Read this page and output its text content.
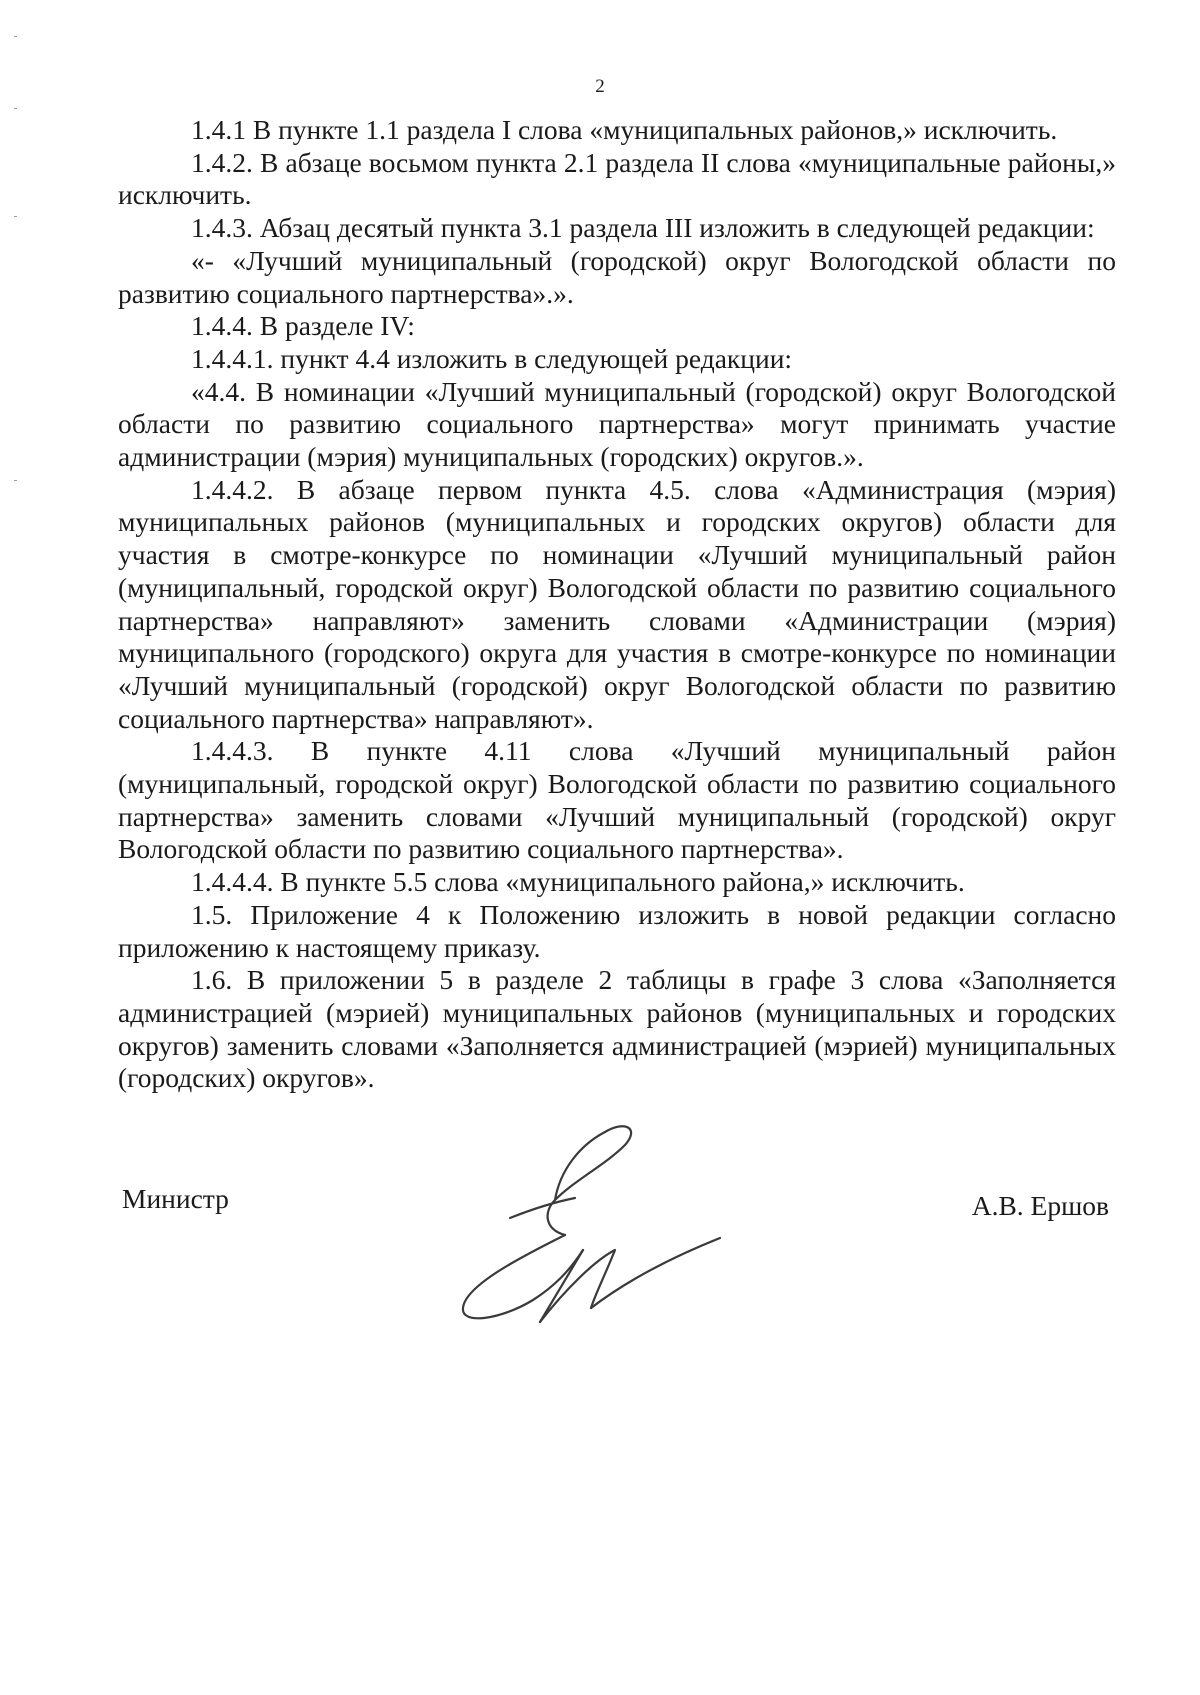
2

1.4.1 В пункте 1.1 раздела I слова «муниципальных районов,» исключить.

1.4.2. В абзаце восьмом пункта 2.1 раздела II слова «муниципальные районы,» исключить.

1.4.3. Абзац десятый пункта 3.1 раздела III изложить в следующей редакции:

«- «Лучший муниципальный (городской) округ Вологодской области по развитию социального партнерства».».

1.4.4. В разделе IV:

1.4.4.1. пункт 4.4 изложить в следующей редакции:

«4.4. В номинации «Лучший муниципальный (городской) округ Вологодской области по развитию социального партнерства» могут принимать участие администрации (мэрия) муниципальных (городских) округов.».

1.4.4.2. В абзаце первом пункта 4.5. слова «Администрация (мэрия) муниципальных районов (муниципальных и городских округов) области для участия в смотре-конкурсе по номинации «Лучший муниципальный район (муниципальный, городской округ) Вологодской области по развитию социального партнерства» направляют» заменить словами «Администрации (мэрия) муниципального (городского) округа для участия в смотре-конкурсе по номинации «Лучший муниципальный (городской) округ Вологодской области по развитию социального партнерства» направляют».

1.4.4.3. В пункте 4.11 слова «Лучший муниципальный район (муниципальный, городской округ) Вологодской области по развитию социального партнерства» заменить словами «Лучший муниципальный (городской) округ Вологодской области по развитию социального партнерства».

1.4.4.4. В пункте 5.5 слова «муниципального района,» исключить.

1.5. Приложение 4 к Положению изложить в новой редакции согласно приложению к настоящему приказу.

1.6. В приложении 5 в разделе 2 таблицы в графе 3 слова «Заполняется администрацией (мэрией) муниципальных районов (муниципальных и городских округов) заменить словами «Заполняется администрацией (мэрией) муниципальных (городских) округов».

Министр	А.В. Ершов
